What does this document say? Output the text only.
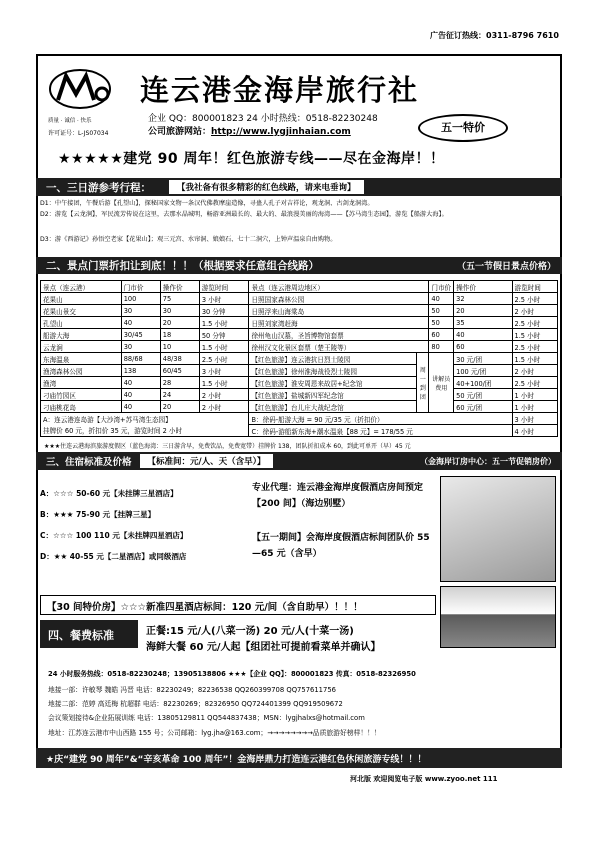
广告征订热线：0311-8796 7610
质量 · 诚信 · 快乐
许可证号：L-JS07034
连云港金海岸旅行社
企业 QQ：800001823 24 小时热线：0518-82230248
公司旅游网站：http://www.lygjinhaian.com	五一特价
★★★★★建党 90 周年！红色旅游专线——尽在金海岸！！
一、三日游参考行程：	【我社备有很多精彩的红色线路，请来电垂询】
D1：中午接团，午餐后游【孔望山】，探秘国家文物一条汉代佛教摩崖造像，寻蛊人孔子对吉祥论，观龙洞、古剑龙洞湾。
D2：游览【云龙涧】，军民流芳传说在这里，去那水晶城明，畅游亚洲最长的、最大的、最浪漫美丽的海湾——【苏马湾生态园】，游览【船游大海】。
D3：游《西游记》孙悟空老家【花果山】；观三元宫、水帘洞、娘娘石、七十二洞穴，上钟声温泉自由购物。
二、景点门票折扣让到底！！！（根据要求任意组合线路）	（五一节假日景点价格）
景点（连云港）	门市价	操作价	游览时间	景点（连云港周边地区）		门市价	操作价	游览时间
花果山	100	75	3 小时	日照国家森林公园		40	32	2.5 小时
花果山景交	30	30	30 分钟	日照浮来山海棠岛		50	20	2 小时
孔望山	40	20	1.5 小时	日照刘家湾赶海		50	35	2.5 小时
船游大海	30/45	18	50 分钟	徐州龟山汉墓，圣旨博物馆套票		60	40	1.5 小时
云龙涧	30	10	1.5 小时	徐州汉文化景区套票（楚王陵等）		80	60	2.5 小时
东海温泉	88/68	48/38	2.5 小时	【红色旅游】连云港抗日烈士陵园	周一到团	讲解员费用	30 元/团	1.5 小时
渔湾森林公园	138	60/45	3 小时	【红色旅游】徐州淮海战役烈士陵园			100 元/团	2 小时
渔湾	40	28	1.5 小时	【红色旅游】淮安周恩来故居+纪念馆			40+100/团	2.5 小时
刁庙竹园区	40	24	2 小时	【红色旅游】盐城新四军纪念馆			50 元/团	1 小时
刁庙桃花岛	40	20	2 小时	【红色旅游】台儿庄大战纪念馆			60 元/团	1 小时
A：连云港连岛游【大沙湾+苏马湾生态园】				B：徐码-船游大海 = 90 元/35 元（折扣价）				3 小时
挂牌价 60 元，折扣价 35 元，游览时间 2 小时				C：徐码-游船新东海+潮水温泉【88 元】= 178/55 元				4 小时
★★★住连云港海滨旅游度假区（蓝色海湾：三日游含早，免费饮品，免费宽带）挂牌价 138，团队折扣成本 60，到此可单开（早）45 元
三、住宿标准及价格	【标准间：元/人、天（含早）】	（金海岸订房中心：五一节促销房价）
A：☆☆☆ 50-60 元【未挂牌三星酒店】
B：★★★ 75-90 元【挂牌三星】
C：☆☆☆ 100 110 元【未挂牌四星酒店】
D：★★ 40-55 元【二星酒店】或同级酒店
专业代理：连云港金海岸度假酒店房间预定【200 间】（海边别墅）
【五一期间】会海岸度假酒店标间团队价 55—65 元（含早）
【30 间特价房】☆☆☆新准四星酒店标间：120 元/间（含自助早）！！！
四、餐费标准	正餐:15 元/人(八菜一汤) 20 元/人(十菜一汤)
海鲜大餐 60 元/人起【组团社可提前看菜单并确认】
24 小时服务热线：0518-82230248；13905138806 ★★★【企业 QQ】：800001823 传真：0518-82326950
地接一部：许敏琴 魏皓 冯晋 电话：82230249；82236538 QQ260399708 QQ757611756
地接二部：范婷 高廷梅 杭超群 电话：82230269；82326950 QQ724401399 QQ919509672
会议策划接待&企业拓展训练 电话：13805129811 QQ544837438；MSN：lygjhalxs@hotmail.com
地址：江苏连云港市中山西路 155 号；公司邮箱：lyg.jha@163.com；→→→→→→→→品质旅游好榜样！！！
★庆“建党 90 周年”&“辛亥革命 100 周年”！金海岸鼎力打造连云港红色休闲旅游专线！！！
河北版 欢迎阅览电子版 www.zyoo.net 111
